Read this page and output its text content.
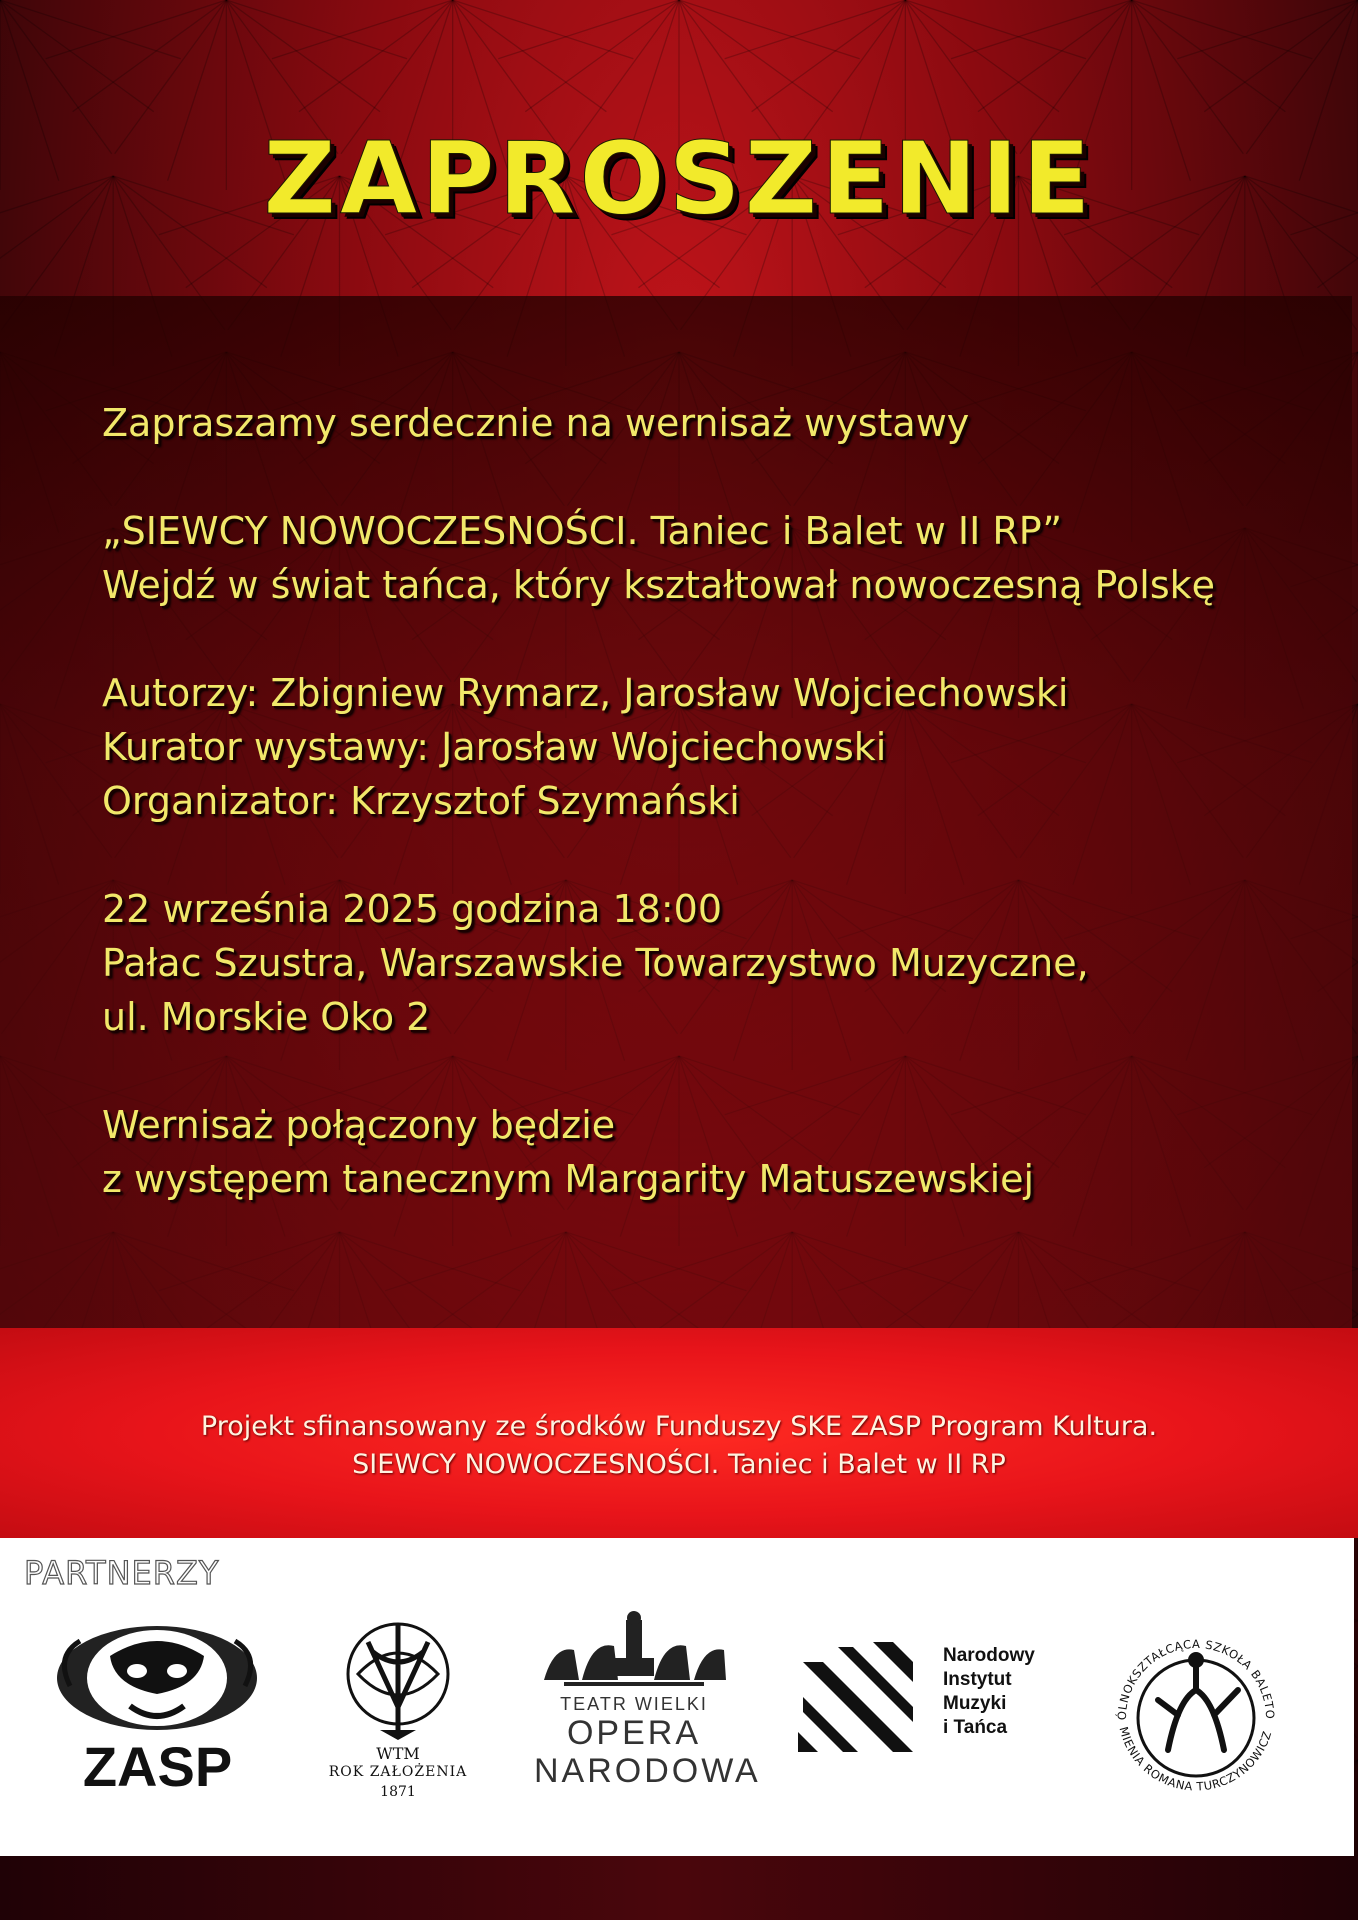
ZAPROSZENIE
Zapraszamy serdecznie na wernisaż wystawy
„SIEWCY NOWOCZESNOŚCI. Taniec i Balet w II RP”
Wejdź w świat tańca, który kształtował nowoczesną Polskę
Autorzy: Zbigniew Rymarz, Jarosław Wojciechowski
Kurator wystawy: Jarosław Wojciechowski
Organizator: Krzysztof Szymański
22 września 2025 godzina 18:00
Pałac Szustra, Warszawskie Towarzystwo Muzyczne,
ul. Morskie Oko 2
Wernisaż połączony będzie
z występem tanecznym Margarity Matuszewskiej
Projekt sfinansowany ze środków Funduszy SKE ZASP Program Kultura.
SIEWCY NOWOCZESNOŚCI. Taniec i Balet w II RP
PARTNERZY
ZASP	WTM
ROK ZAŁOŻENIA
1871
TEATR WIELKI
OPERA
NARODOWA
Narodowy
Instytut
Muzyki
i Tańca
ÓLNOKSZTAŁCĄCA SZKOŁA BALETO
MIENIA ROMANA TURCZYNOWICZ
